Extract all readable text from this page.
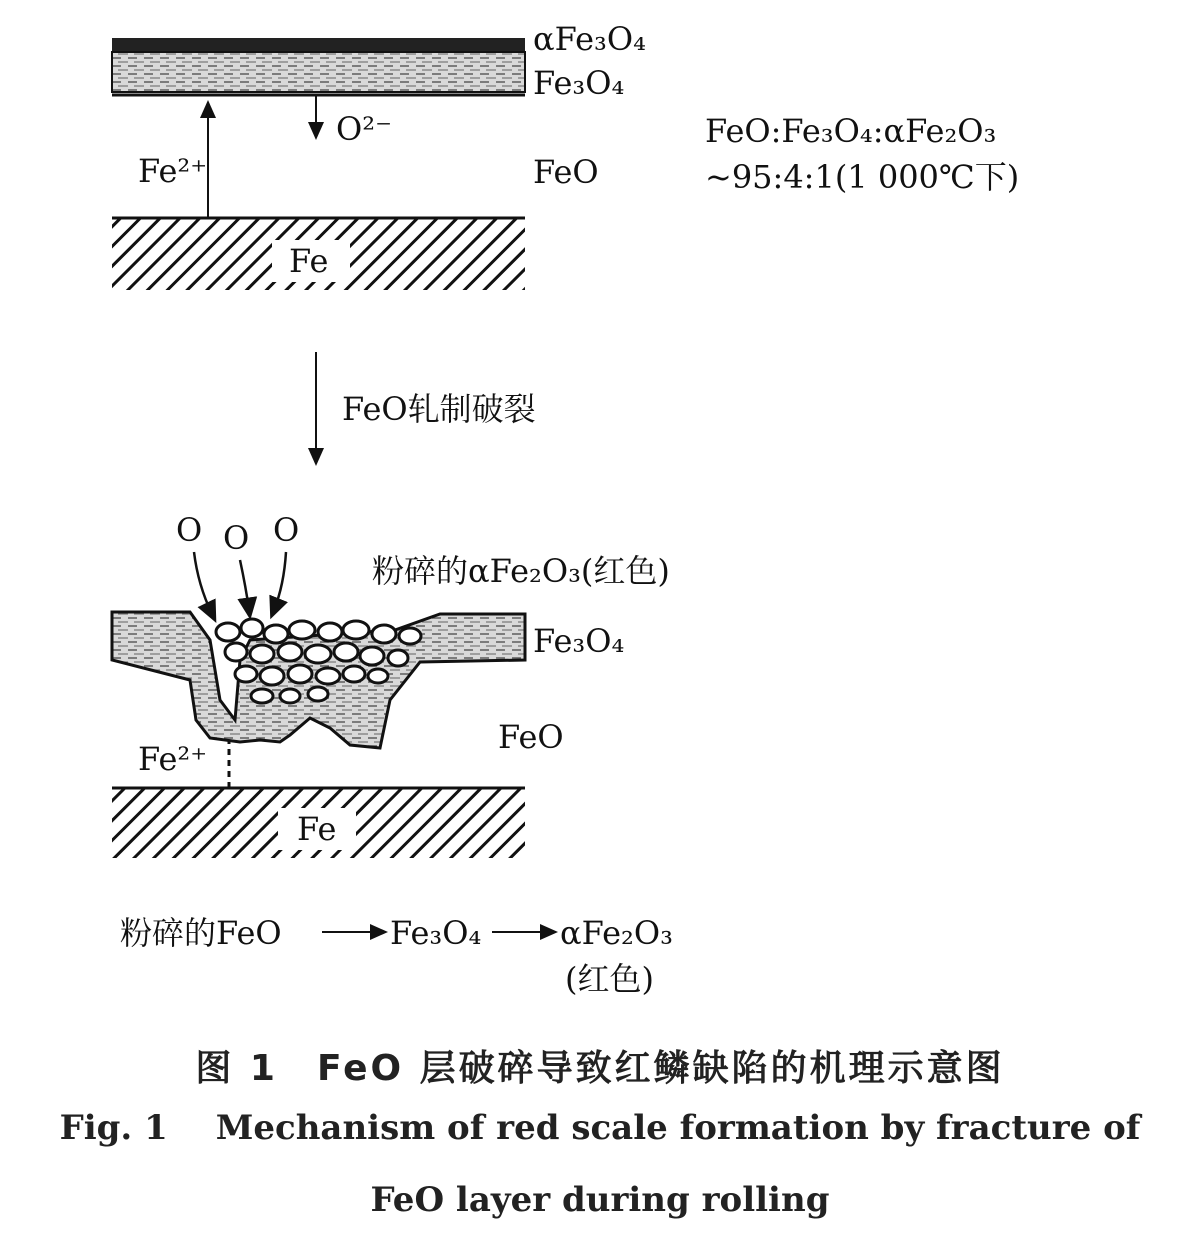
αFe₃O₄
Fe₃O₄
O²⁻
Fe²⁺	FeO
Fe
FeO:Fe₃O₄:αFe₂O₃
~95:4:1(1 000℃下)
FeO轧制破裂
O O O
粉碎的αFe₂O₃(红色)
Fe₃O₄
FeO
Fe²⁺
Fe
粉碎的FeO	Fe₃O₄ αFe₂O₃
(红色)
图 1　FeO 层破碎导致红鳞缺陷的机理示意图
Fig. 1 Mechanism of red scale formation by fracture of
FeO layer during rolling
